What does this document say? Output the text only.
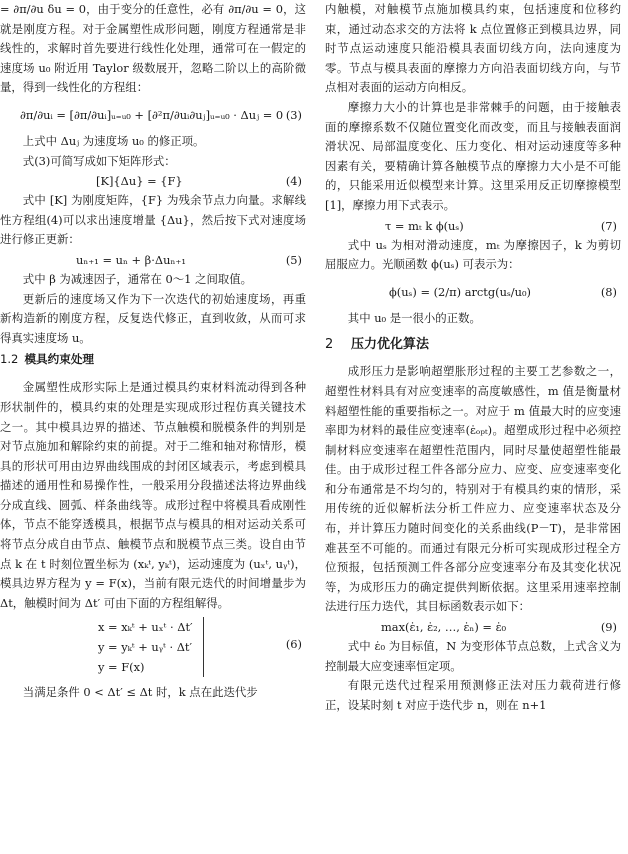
= ∂π/∂u δu = 0，由于变分的任意性，必有 ∂π/∂u = 0，这就是刚度方程。对于金属塑性成形问题，刚度方程通常是非线性的，求解时首先要进行线性化处理，通常可在一假定的速度场 u₀ 附近用 Taylor 级数展开，忽略二阶以上的高阶微量，得到一线性化的方程组：

∂π/∂uᵢ = [∂π/∂uᵢ]ᵤ₌ᵤ₀ + [∂²π/∂uᵢ∂uⱼ]ᵤ₌ᵤ₀ · Δuⱼ = 0 (3)

上式中 Δuⱼ 为速度场 u₀ 的修正项。

式(3)可简写成如下矩阵形式：

[K]{Δu} = {F}	(4)

式中 [K] 为刚度矩阵，{F} 为残余节点力向量。求解线性方程组(4)可以求出速度增量 {Δu}，然后按下式对速度场进行修正更新：

uₙ₊₁ = uₙ + β·Δuₙ₊₁	(5)

式中 β 为减速因子，通常在 0～1 之间取值。

更新后的速度场又作为下一次迭代的初始速度场，再重新构造新的刚度方程，反复迭代修正，直到收敛，从而可求得真实速度场 u。

1.2 模具约束处理

金属塑性成形实际上是通过模具约束材料流动得到各种形状制件的，模具约束的处理是实现成形过程仿真关键技术之一。其中模具边界的描述、节点触模和脱模条件的判别是对节点施加和解除约束的前提。对于二维和轴对称情形，模具的形状可用由边界曲线围成的封闭区域表示，考虑到模具描述的通用性和易操作性，一般采用分段描述法将边界曲线分成直线、圆弧、样条曲线等。成形过程中将模具看成刚性体，节点不能穿透模具，根据节点与模具的相对运动关系可将节点分成自由节点、触模节点和脱模节点三类。设自由节点 k 在 t 时刻位置坐标为 (xₖᵗ, yₖᵗ)，运动速度为 (uₓᵗ, uᵧᵗ)，模具边界方程为 y = F(x)，当前有限元迭代的时间增量步为 Δt，触模时间为 Δt′ 可由下面的方程组解得。

x = xₖᵗ + uₓᵗ · Δt′
y = yₖᵗ + uᵧᵗ · Δt′
y = F(x)
(6)

当满足条件 0 < Δt′ ≤ Δt 时，k 点在此迭代步

内触模，对触模节点施加模具约束，包括速度和位移约束，通过动态求交的方法将 k 点位置修正到模具边界，同时节点运动速度只能沿模具表面切线方向，法向速度为零。节点与模具表面的摩擦力方向沿表面切线方向，与节点相对表面的运动方向相反。

摩擦力大小的计算也是非常棘手的问题，由于接触表面的摩擦系数不仅随位置变化而改变，而且与接触表面润滑状况、局部温度变化、压力变化、相对运动速度等多种因素有关，要精确计算各触模节点的摩擦力大小是不可能的，只能采用近似模型来计算。这里采用反正切摩擦模型[1]，摩擦力用下式表示。

τ = mₜ k ϕ(uₛ)	(7)

式中 uₛ 为相对滑动速度，mₜ 为摩擦因子，k 为剪切屈服应力。光顺函数 ϕ(uₛ) 可表示为：

ϕ(uₛ) = (2/π) arctg(uₛ/u₀)	(8)

其中 u₀ 是一很小的正数。

2 压力优化算法

成形压力是影响超塑胀形过程的主要工艺参数之一，超塑性材料具有对应变速率的高度敏感性，m 值是衡量材料超塑性能的重要指标之一。对应于 m 值最大时的应变速率即为材料的最佳应变速率(ε̇ₒₚₜ)。超塑成形过程中必须控制材料应变速率在超塑性范围内，同时尽量使超塑性能最佳。由于成形过程工件各部分应力、应变、应变速率变化和分布通常是不均匀的，特别对于有模具约束的情形，采用传统的近似解析法分析工件应力、应变速率状态及分布，并计算压力随时间变化的关系曲线(P－T)，是非常困难甚至不可能的。而通过有限元分析可实现成形过程全方位预报，包括预测工件各部分应变速率分布及其变化状况等，为成形压力的确定提供判断依据。这里采用速率控制法进行压力迭代，其目标函数表示如下：

max(ε̇₁, ε̇₂, …, ε̇ₙ) = ε̇₀	(9)

式中 ε̇₀ 为目标值，N 为变形体节点总数，上式含义为控制最大应变速率恒定项。

有限元迭代过程采用预测修正法对压力载荷进行修正，设某时刻 t 对应于迭代步 n，则在 n+1
